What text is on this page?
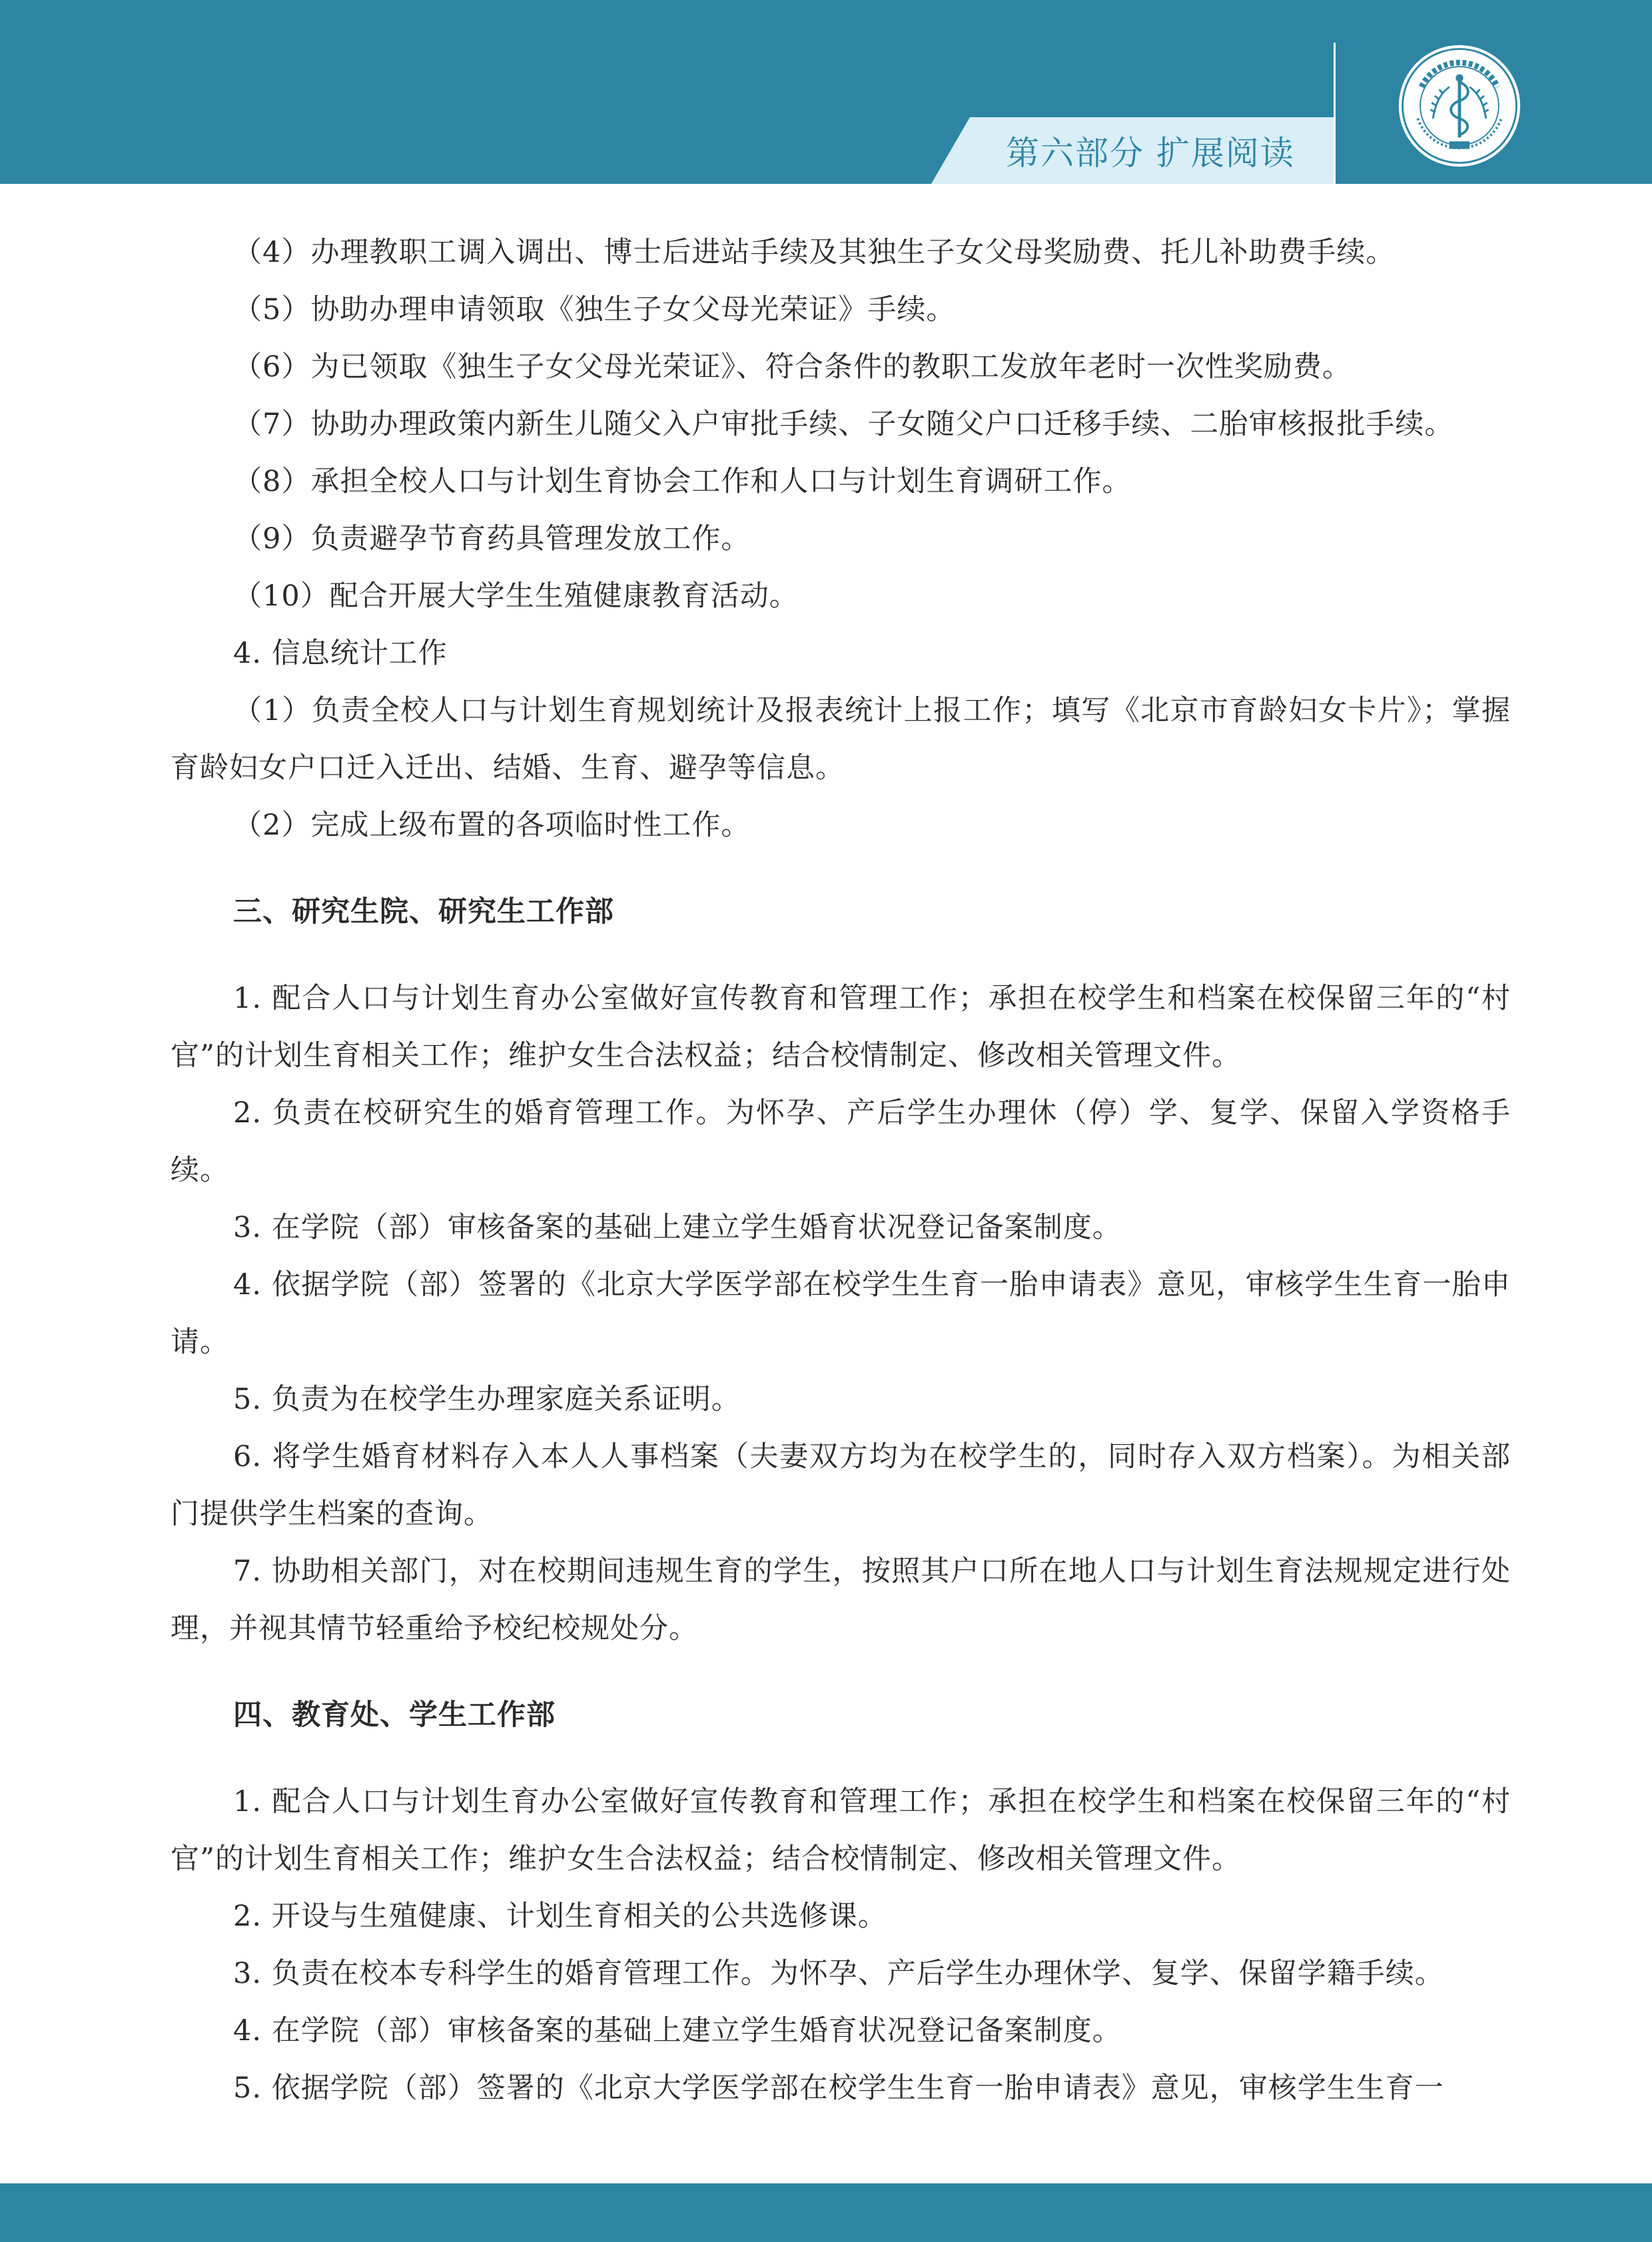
第六部分 扩展阅读

（4）办理教职工调入调出、博士后进站手续及其独生子女父母奖励费、托儿补助费手续。

（5）协助办理申请领取《独生子女父母光荣证》手续。

（6）为已领取《独生子女父母光荣证》、符合条件的教职工发放年老时一次性奖励费。

（7）协助办理政策内新生儿随父入户审批手续、子女随父户口迁移手续、二胎审核报批手续。

（8）承担全校人口与计划生育协会工作和人口与计划生育调研工作。

（9）负责避孕节育药具管理发放工作。

（10）配合开展大学生生殖健康教育活动。

4. 信息统计工作

（1）负责全校人口与计划生育规划统计及报表统计上报工作；填写《北京市育龄妇女卡片》；掌握育龄妇女户口迁入迁出、结婚、生育、避孕等信息。

（2）完成上级布置的各项临时性工作。

三、研究生院、研究生工作部

1. 配合人口与计划生育办公室做好宣传教育和管理工作；承担在校学生和档案在校保留三年的“村官”的计划生育相关工作；维护女生合法权益；结合校情制定、修改相关管理文件。

2. 负责在校研究生的婚育管理工作。为怀孕、产后学生办理休（停）学、复学、保留入学资格手续。

3. 在学院（部）审核备案的基础上建立学生婚育状况登记备案制度。

4. 依据学院（部）签署的《北京大学医学部在校学生生育一胎申请表》意见，审核学生生育一胎申请。

5. 负责为在校学生办理家庭关系证明。

6. 将学生婚育材料存入本人人事档案（夫妻双方均为在校学生的，同时存入双方档案）。为相关部门提供学生档案的查询。

7. 协助相关部门，对在校期间违规生育的学生，按照其户口所在地人口与计划生育法规规定进行处理，并视其情节轻重给予校纪校规处分。

四、教育处、学生工作部

1. 配合人口与计划生育办公室做好宣传教育和管理工作；承担在校学生和档案在校保留三年的“村官”的计划生育相关工作；维护女生合法权益；结合校情制定、修改相关管理文件。

2. 开设与生殖健康、计划生育相关的公共选修课。

3. 负责在校本专科学生的婚育管理工作。为怀孕、产后学生办理休学、复学、保留学籍手续。

4. 在学院（部）审核备案的基础上建立学生婚育状况登记备案制度。

5. 依据学院（部）签署的《北京大学医学部在校学生生育一胎申请表》意见，审核学生生育一
